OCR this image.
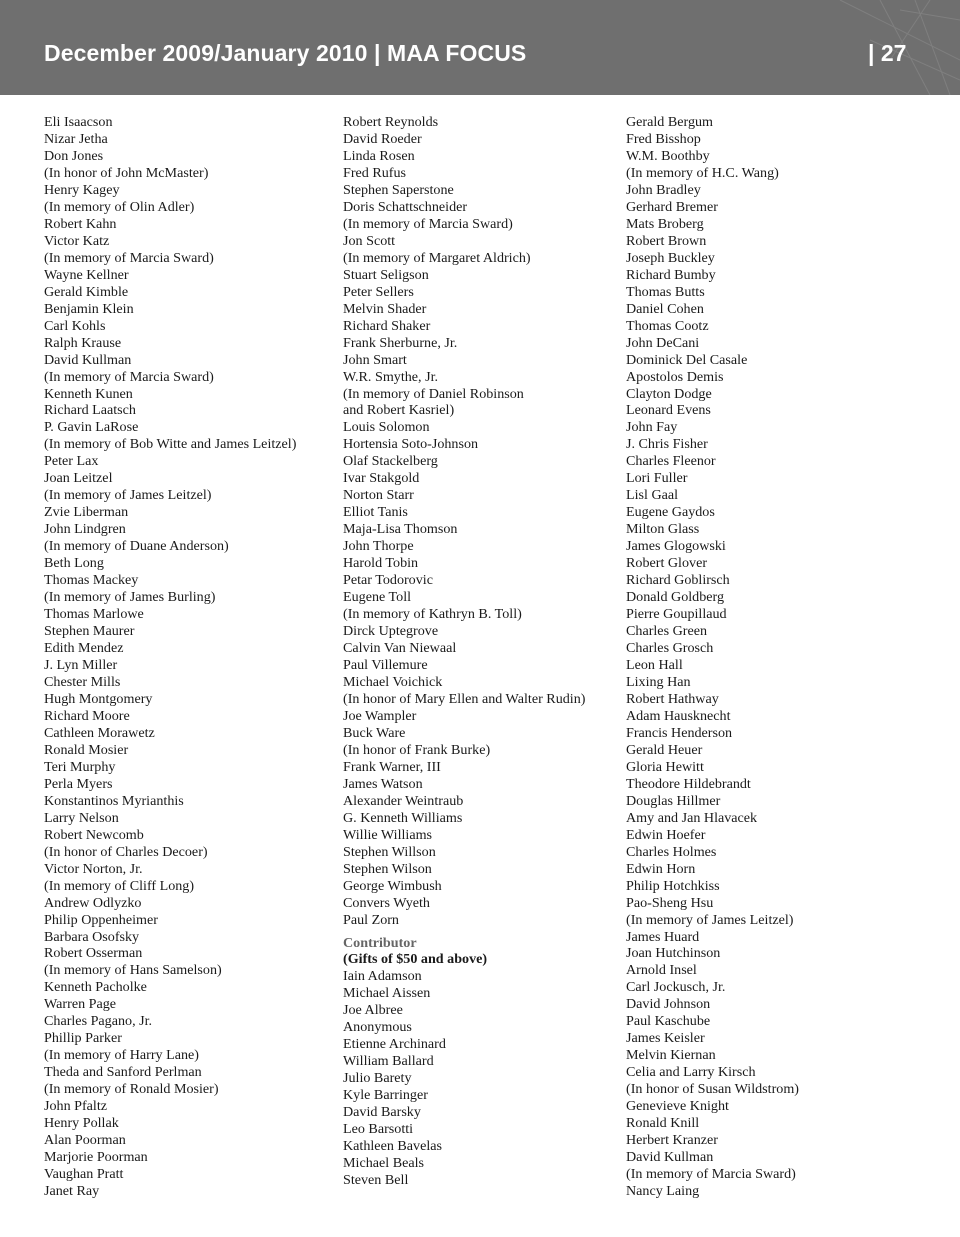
December 2009/January 2010 | MAA FOCUS	| 27
Eli Isaacson
Nizar Jetha
Don Jones
(In honor of John McMaster)
Henry Kagey
(In memory of Olin Adler)
Robert Kahn
Victor Katz
(In memory of Marcia Sward)
Wayne Kellner
Gerald Kimble
Benjamin Klein
Carl Kohls
Ralph Krause
David Kullman
(In memory of Marcia Sward)
Kenneth Kunen
Richard Laatsch
P. Gavin LaRose
(In memory of Bob Witte and James Leitzel)
Peter Lax
Joan Leitzel
(In memory of James Leitzel)
Zvie Liberman
John Lindgren
(In memory of Duane Anderson)
Beth Long
Thomas Mackey
(In memory of James Burling)
Thomas Marlowe
Stephen Maurer
Edith Mendez
J. Lyn Miller
Chester Mills
Hugh Montgomery
Richard Moore
Cathleen Morawetz
Ronald Mosier
Teri Murphy
Perla Myers
Konstantinos Myrianthis
Larry Nelson
Robert Newcomb
(In honor of Charles Decoer)
Victor Norton, Jr.
(In memory of Cliff Long)
Andrew Odlyzko
Philip Oppenheimer
Barbara Osofsky
Robert Osserman
(In memory of Hans Samelson)
Kenneth Pacholke
Warren Page
Charles Pagano, Jr.
Phillip Parker
(In memory of Harry Lane)
Theda and Sanford Perlman
(In memory of Ronald Mosier)
John Pfaltz
Henry Pollak
Alan Poorman
Marjorie Poorman
Vaughan Pratt
Janet Ray
Robert Reynolds
David Roeder
Linda Rosen
Fred Rufus
Stephen Saperstone
Doris Schattschneider
(In memory of Marcia Sward)
Jon Scott
(In memory of Margaret Aldrich)
Stuart Seligson
Peter Sellers
Melvin Shader
Richard Shaker
Frank Sherburne, Jr.
John Smart
W.R. Smythe, Jr.
(In memory of Daniel Robinson
and Robert Kasriel)
Louis Solomon
Hortensia Soto-Johnson
Olaf Stackelberg
Ivar Stakgold
Norton Starr
Elliot Tanis
Maja-Lisa Thomson
John Thorpe
Harold Tobin
Petar Todorovic
Eugene Toll
(In memory of Kathryn B. Toll)
Dirck Uptegrove
Calvin Van Niewaal
Paul Villemure
Michael Voichick
(In honor of Mary Ellen and Walter Rudin)
Joe Wampler
Buck Ware
(In honor of Frank Burke)
Frank Warner, III
James Watson
Alexander Weintraub
G. Kenneth Williams
Willie Williams
Stephen Willson
Stephen Wilson
George Wimbush
Convers Wyeth
Paul Zorn
Contributor
(Gifts of $50 and above)
Iain Adamson
Michael Aissen
Joe Albree
Anonymous
Etienne Archinard
William Ballard
Julio Barety
Kyle Barringer
David Barsky
Leo Barsotti
Kathleen Bavelas
Michael Beals
Steven Bell
Gerald Bergum
Fred Bisshop
W.M. Boothby
(In memory of H.C. Wang)
John Bradley
Gerhard Bremer
Mats Broberg
Robert Brown
Joseph Buckley
Richard Bumby
Thomas Butts
Daniel Cohen
Thomas Cootz
John DeCani
Dominick Del Casale
Apostolos Demis
Clayton Dodge
Leonard Evens
John Fay
J. Chris Fisher
Charles Fleenor
Lori Fuller
Lisl Gaal
Eugene Gaydos
Milton Glass
James Glogowski
Robert Glover
Richard Goblirsch
Donald Goldberg
Pierre Goupillaud
Charles Green
Charles Grosch
Leon Hall
Lixing Han
Robert Hathway
Adam Hausknecht
Francis Henderson
Gerald Heuer
Gloria Hewitt
Theodore Hildebrandt
Douglas Hillmer
Amy and Jan Hlavacek
Edwin Hoefer
Charles Holmes
Edwin Horn
Philip Hotchkiss
Pao-Sheng Hsu
(In memory of James Leitzel)
James Huard
Joan Hutchinson
Arnold Insel
Carl Jockusch, Jr.
David Johnson
Paul Kaschube
James Keisler
Melvin Kiernan
Celia and Larry Kirsch
(In honor of Susan Wildstrom)
Genevieve Knight
Ronald Knill
Herbert Kranzer
David Kullman
(In memory of Marcia Sward)
Nancy Laing
